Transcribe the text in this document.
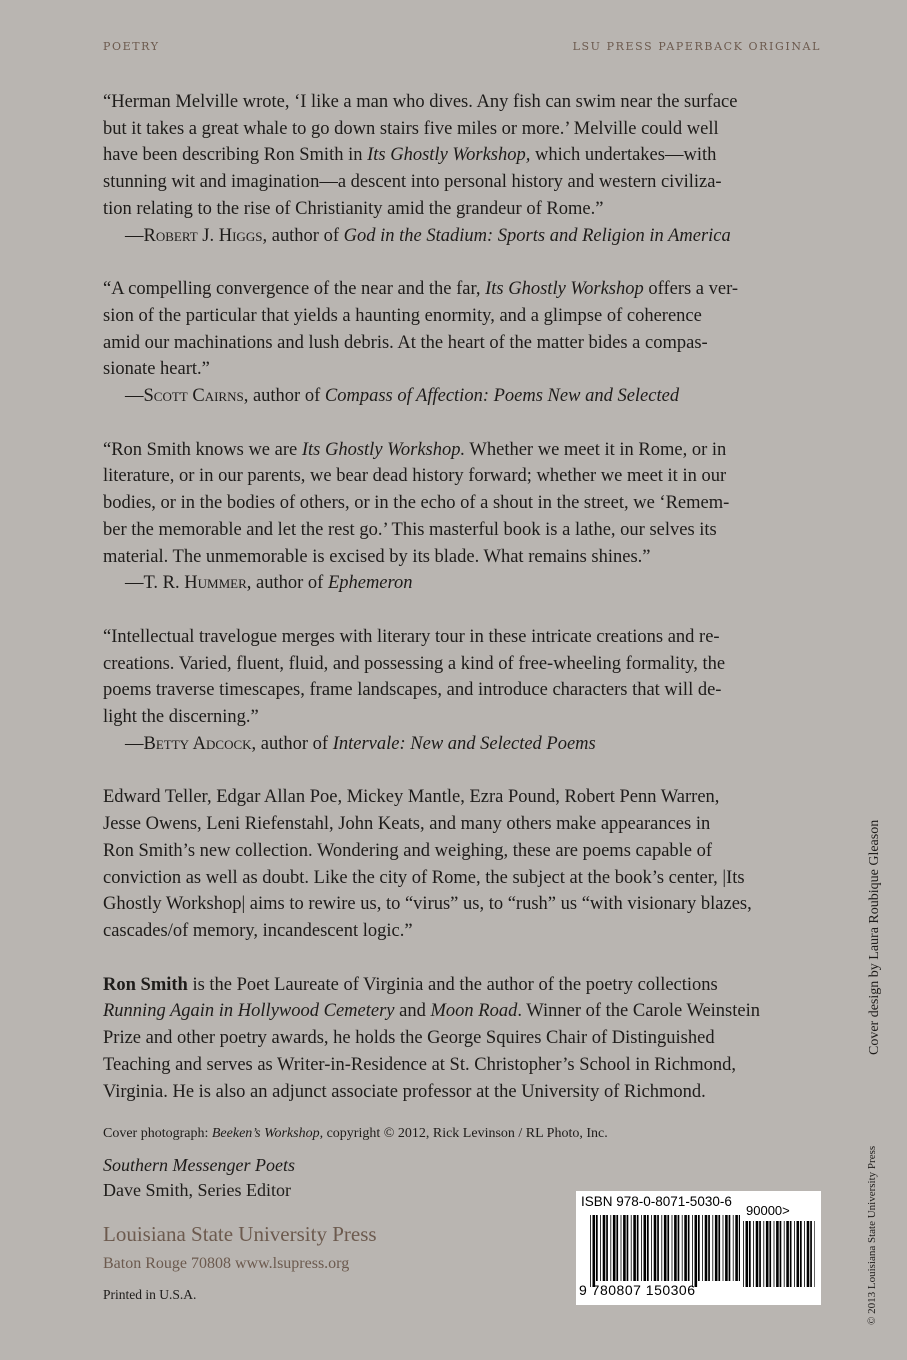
POETRY	LSU PRESS PAPERBACK ORIGINAL

“Herman Melville wrote, ‘I like a man who dives. Any fish can swim near the surface
but it takes a great whale to go down stairs five miles or more.’ Melville could well
have been describing Ron Smith in Its Ghostly Workshop, which undertakes—with
stunning wit and imagination—a descent into personal history and western civiliza-
tion relating to the rise of Christianity amid the grandeur of Rome.”

—Robert J. Higgs, author of God in the Stadium: Sports and Religion in America

“A compelling convergence of the near and the far, Its Ghostly Workshop offers a ver-
sion of the particular that yields a haunting enormity, and a glimpse of coherence
amid our machinations and lush debris. At the heart of the matter bides a compas-
sionate heart.”

—Scott Cairns, author of Compass of Affection: Poems New and Selected

“Ron Smith knows we are Its Ghostly Workshop. Whether we meet it in Rome, or in
literature, or in our parents, we bear dead history forward; whether we meet it in our
bodies, or in the bodies of others, or in the echo of a shout in the street, we ‘Remem-
ber the memorable and let the rest go.’ This masterful book is a lathe, our selves its
material. The unmemorable is excised by its blade. What remains shines.”

—T. R. Hummer, author of Ephemeron

“Intellectual travelogue merges with literary tour in these intricate creations and re-
creations. Varied, fluent, fluid, and possessing a kind of free-wheeling formality, the
poems traverse timescapes, frame landscapes, and introduce characters that will de-
light the discerning.”

—Betty Adcock, author of Intervale: New and Selected Poems

Edward Teller, Edgar Allan Poe, Mickey Mantle, Ezra Pound, Robert Penn Warren,
Jesse Owens, Leni Riefenstahl, John Keats, and many others make appearances in
Ron Smith’s new collection. Wondering and weighing, these are poems capable of
conviction as well as doubt. Like the city of Rome, the subject at the book’s center, |Its
Ghostly Workshop| aims to rewire us, to “virus” us, to “rush” us “with visionary blazes,
cascades/of memory, incandescent logic.”

Ron Smith is the Poet Laureate of Virginia and the author of the poetry collections
Running Again in Hollywood Cemetery and Moon Road. Winner of the Carole Weinstein
Prize and other poetry awards, he holds the George Squires Chair of Distinguished
Teaching and serves as Writer-in-Residence at St. Christopher’s School in Richmond,
Virginia. He is also an adjunct associate professor at the University of Richmond.

Cover photograph: Beeken’s Workshop, copyright © 2012, Rick Levinson / RL Photo, Inc.
Southern Messenger Poets
Dave Smith, Series Editor
Louisiana State University Press
Baton Rouge 70808 www.lsupress.org
Printed in U.S.A.
ISBN 978-0-8071-5030-6
90000>
9 780807 150306
Cover design by Laura Roubique Gleason
© 2013 Louisiana State University Press
